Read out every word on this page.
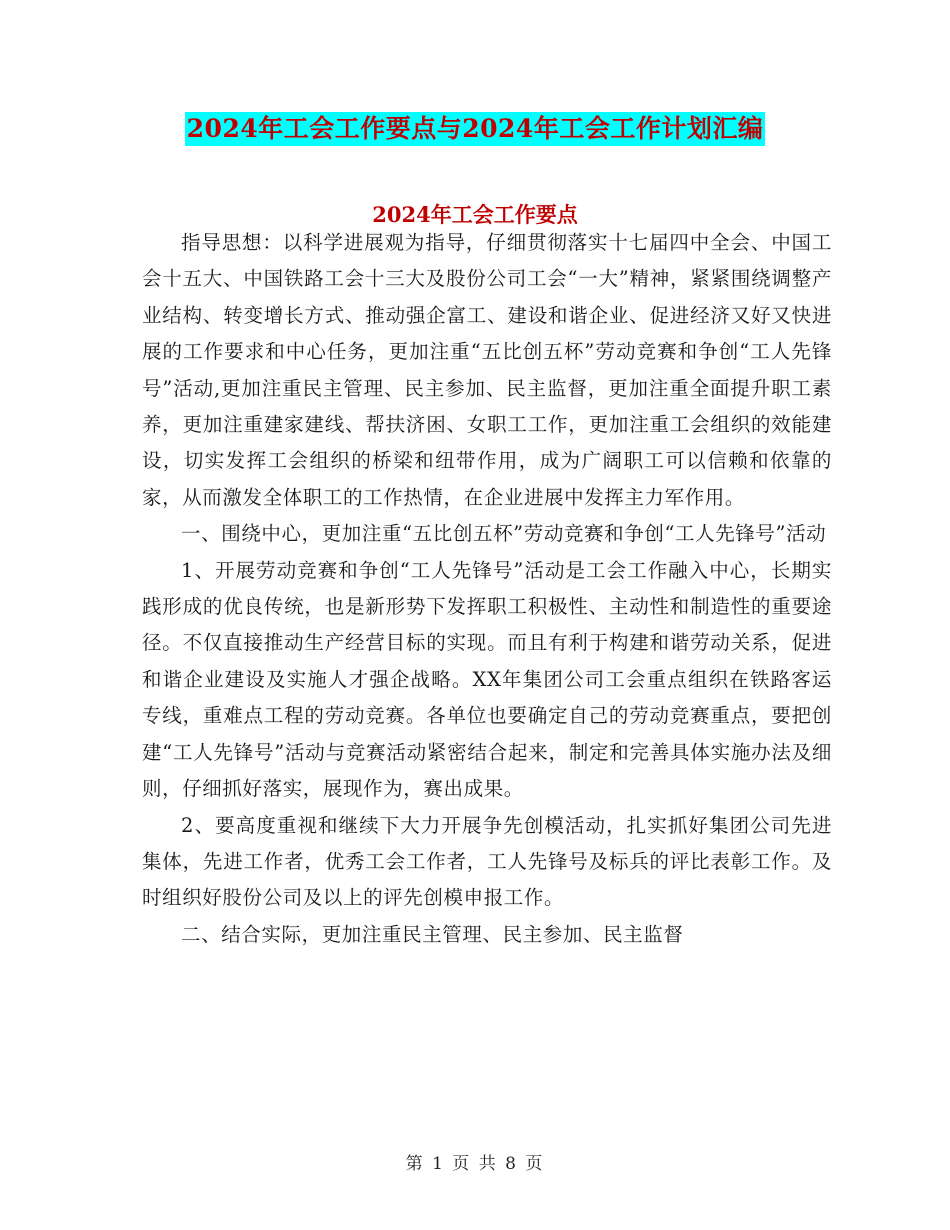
2024年工会工作要点与2024年工会工作计划汇编
2024年工会工作要点

指导思想：以科学进展观为指导，仔细贯彻落实十七届四中全会、中国工会十五大、中国铁路工会十三大及股份公司工会“一大”精神，紧紧围绕调整产业结构、转变增长方式、推动强企富工、建设和谐企业、促进经济又好又快进展的工作要求和中心任务，更加注重“五比创五杯”劳动竞赛和争创“工人先锋号”活动,更加注重民主管理、民主参加、民主监督，更加注重全面提升职工素养，更加注重建家建线、帮扶济困、女职工工作，更加注重工会组织的效能建设，切实发挥工会组织的桥梁和纽带作用，成为广阔职工可以信赖和依靠的家，从而激发全体职工的工作热情，在企业进展中发挥主力军作用。

一、围绕中心，更加注重“五比创五杯”劳动竞赛和争创“工人先锋号”活动

1、开展劳动竞赛和争创“工人先锋号”活动是工会工作融入中心，长期实践形成的优良传统，也是新形势下发挥职工积极性、主动性和制造性的重要途径。不仅直接推动生产经营目标的实现。而且有利于构建和谐劳动关系，促进和谐企业建设及实施人才强企战略。XX年集团公司工会重点组织在铁路客运专线，重难点工程的劳动竞赛。各单位也要确定自己的劳动竞赛重点，要把创建“工人先锋号”活动与竞赛活动紧密结合起来，制定和完善具体实施办法及细则，仔细抓好落实，展现作为，赛出成果。

2、要高度重视和继续下大力开展争先创模活动，扎实抓好集团公司先进集体，先进工作者，优秀工会工作者，工人先锋号及标兵的评比表彰工作。及时组织好股份公司及以上的评先创模申报工作。

二、结合实际，更加注重民主管理、民主参加、民主监督

第 1 页 共 8 页
